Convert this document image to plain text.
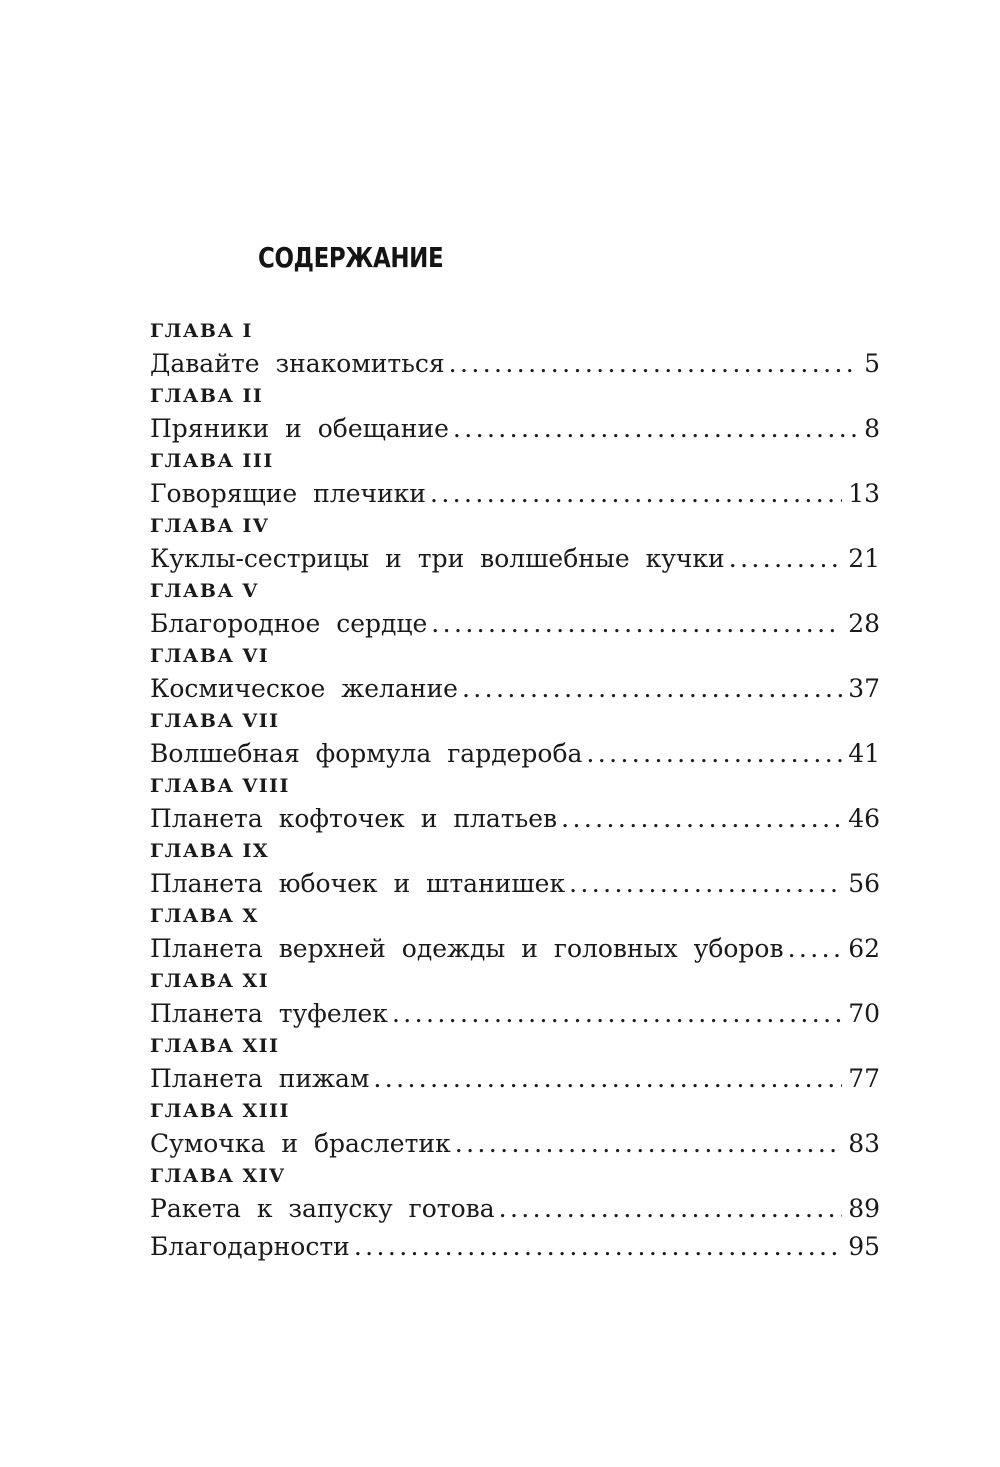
СОДЕРЖАНИЕ
ГЛАВА I
Давайте знакомиться .....	5
ГЛАВА II
Пряники и обещание .....	8
ГЛАВА III
Говорящие плечики .....	13
ГЛАВА IV
Куклы-сестрицы и три волшебные кучки .....	21
ГЛАВА V
Благородное сердце .....	28
ГЛАВА VI
Космическое желание .....	37
ГЛАВА VII
Волшебная формула гардероба .....	41
ГЛАВА VIII
Планета кофточек и платьев .....	46
ГЛАВА IX
Планета юбочек и штанишек .....	56
ГЛАВА X
Планета верхней одежды и головных уборов .....	62
ГЛАВА XI
Планета туфелек .....	70
ГЛАВА XII
Планета пижам .....	77
ГЛАВА XIII
Сумочка и браслетик .....	83
ГЛАВА XIV
Ракета к запуску готова .....	89
Благодарности .....	95
